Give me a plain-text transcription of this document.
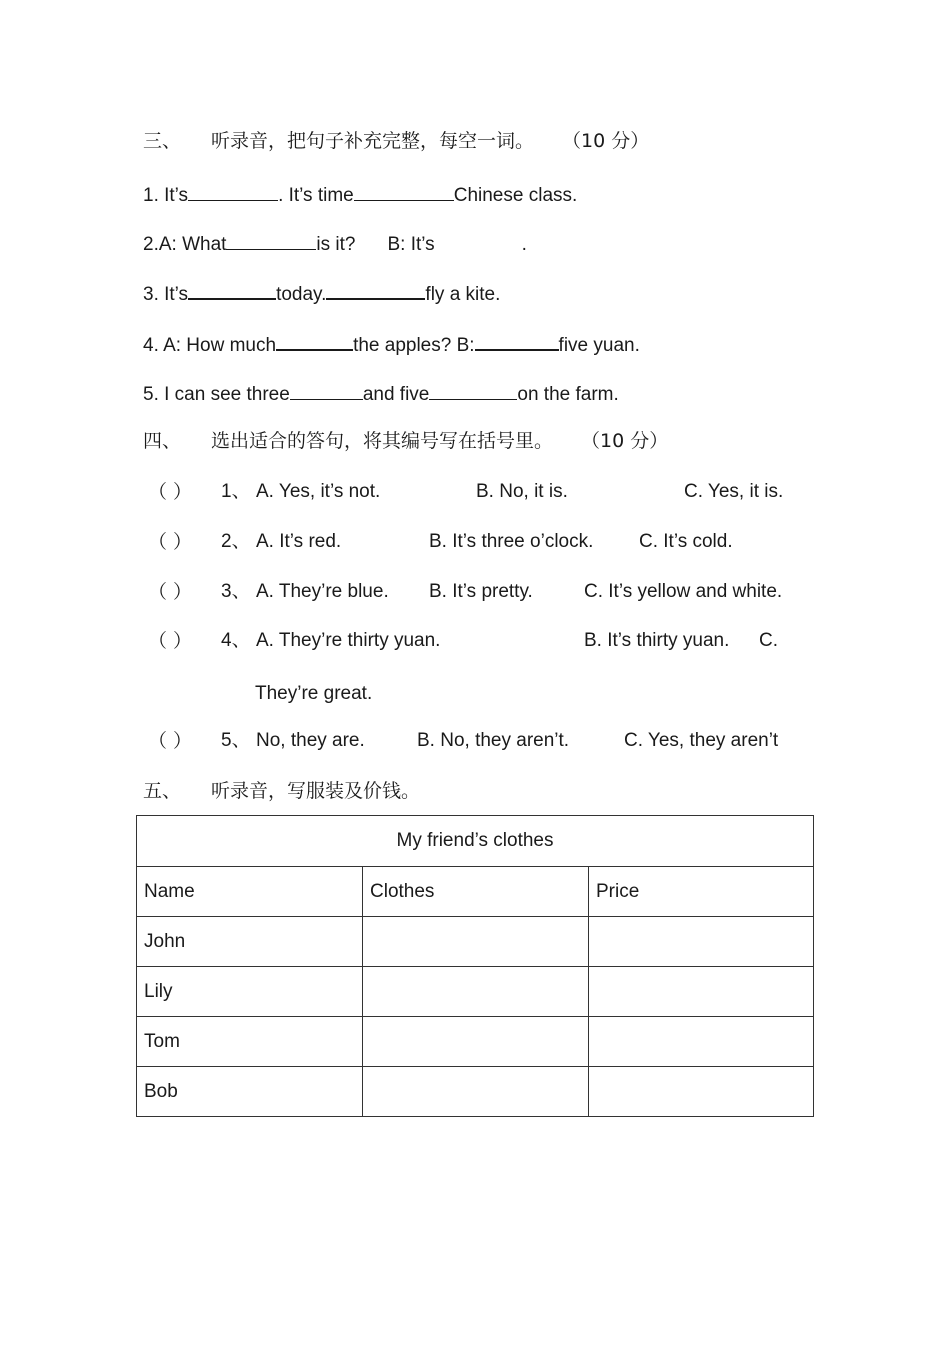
三、 听录音，把句子补充完整，每空一词。 （10 分）
1. It’s	. It’s time	Chinese class.
2.A: What	is it? B: It’s	.
3. It’s	today.	fly a kite.
4. A: How much	the apples? B:	five yuan.
5. I can see three	and five	on the farm.
四、 选出适合的答句，将其编号写在括号里。 （10 分）
（ ） 1、 A. Yes, it’s not.	B. No, it is.	C. Yes, it is.
（ ） 2、 A. It’s red.	B. It’s three o’clock. C. It’s cold.
（ ） 3、 A. They’re blue. B. It’s pretty.	C. It’s yellow and white.
（ ） 4、 A. They’re thirty yuan.	B. It’s thirty yuan. C.
They’re great.
（ ） 5、 No, they are.	B. No, they aren’t.	C. Yes, they aren’t
五、 听录音，写服装及价钱。
My friend’s clothes		
Name	Clothes	Price
John		
Lily		
Tom		
Bob		
